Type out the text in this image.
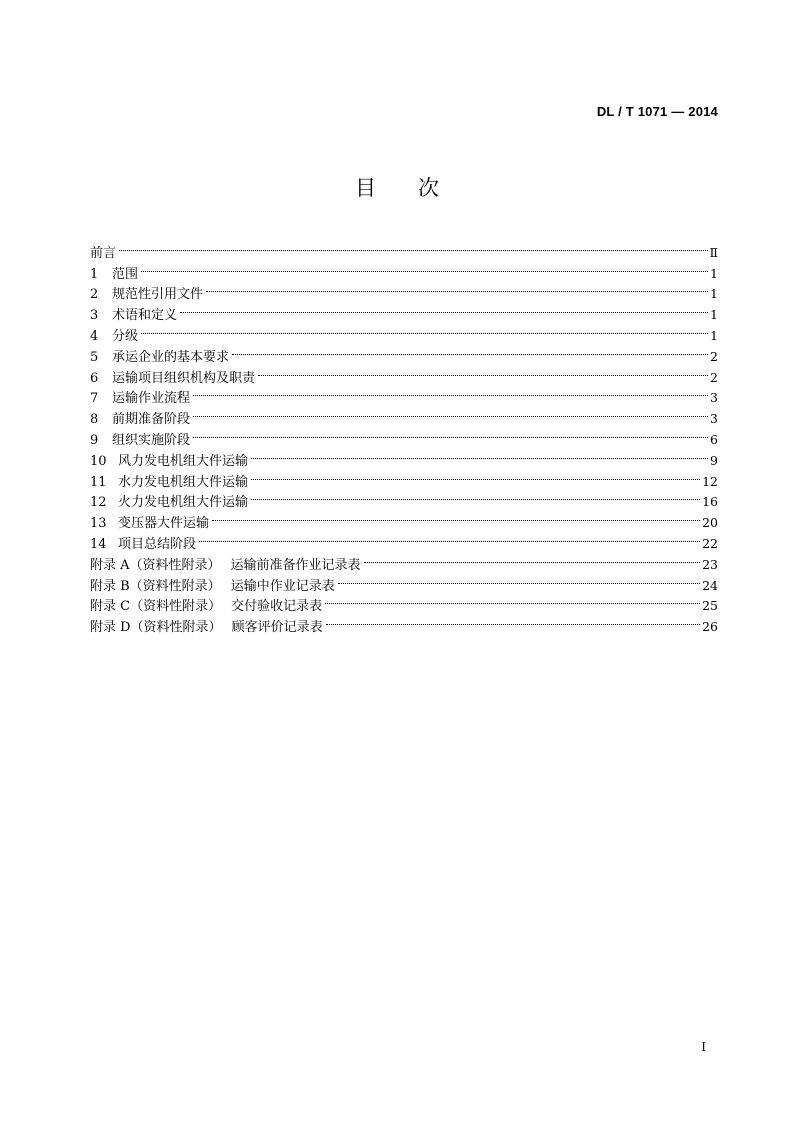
DL / T 1071 — 2014
目次
前言	Ⅱ
1	范围	1
2	规范性引用文件	1
3	术语和定义	1
4	分级	1
5	承运企业的基本要求	2
6	运输项目组织机构及职责	2
7	运输作业流程	3
8	前期准备阶段	3
9	组织实施阶段	6
10 风力发电机组大件运输	9
11 水力发电机组大件运输	12
12 火力发电机组大件运输	16
13 变压器大件运输	20
14 项目总结阶段	22
附录 A（资料性附录） 运输前准备作业记录表	23
附录 B（资料性附录） 运输中作业记录表	24
附录 C（资料性附录） 交付验收记录表	25
附录 D（资料性附录） 顾客评价记录表	26
I
